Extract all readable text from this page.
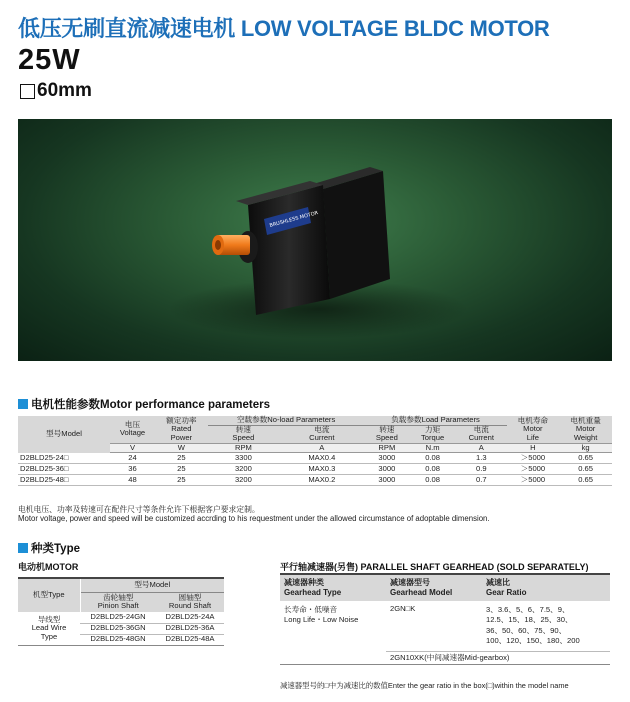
低压无刷直流减速电机 LOW VOLTAGE BLDC MOTOR
25W
60mm
BRUSHLESS MOTOR
电机性能参数Motor performance parameters
型号Model	电压
Voltage	额定功率
Rated
Power	空载参数No-load Parameters		负载参数Load Parameters			电机寿命
Motor
Life	电机重量
Motor
Weight
			转速
Speed	电流
Current	转速
Speed	力矩
Torque	电流
Current		
	V	W	RPM	A	RPM	N.m	A	H	kg
D2BLD25-24□	24	25	3300	MAX0.4	3000	0.08	1.3	＞5000	0.65
D2BLD25-36□	36	25	3200	MAX0.3	3000	0.08	0.9	＞5000	0.65
D2BLD25-48□	48	25	3200	MAX0.2	3000	0.08	0.7	＞5000	0.65
电机电压、功率及转速可在配件尺寸等条件允许下根据客户要求定制。
Motor voltage, power and speed will be customized accrding to his requestment under the allowed circumstance of adoptable dimension.
种类Type
电动机MOTOR
机型Type	型号Model	
	齿轮轴型
Pinion Shaft	圆轴型
Round Shaft
导线型
Lead Wire
Type	D2BLD25-24GN	D2BLD25-24A
	D2BLD25-36GN	D2BLD25-36A
	D2BLD25-48GN	D2BLD25-48A
平行轴减速器(另售) PARALLEL SHAFT GEARHEAD (SOLD SEPARATELY)
减速器种类
Gearhead Type	减速器型号
Gearhead Model	减速比
Gear Ratio
长寿命・低噪音
Long Life・Low Noise	2GN□K	3、3.6、5、6、7.5、9、
12.5、15、18、25、30、
36、50、60、75、90、
100、120、150、180、200
	2GN10XK(中间减速器Mid-gearbox)	
减速器型号的□中为减速比的数值Enter the gear ratio in the box(□)within the model name
